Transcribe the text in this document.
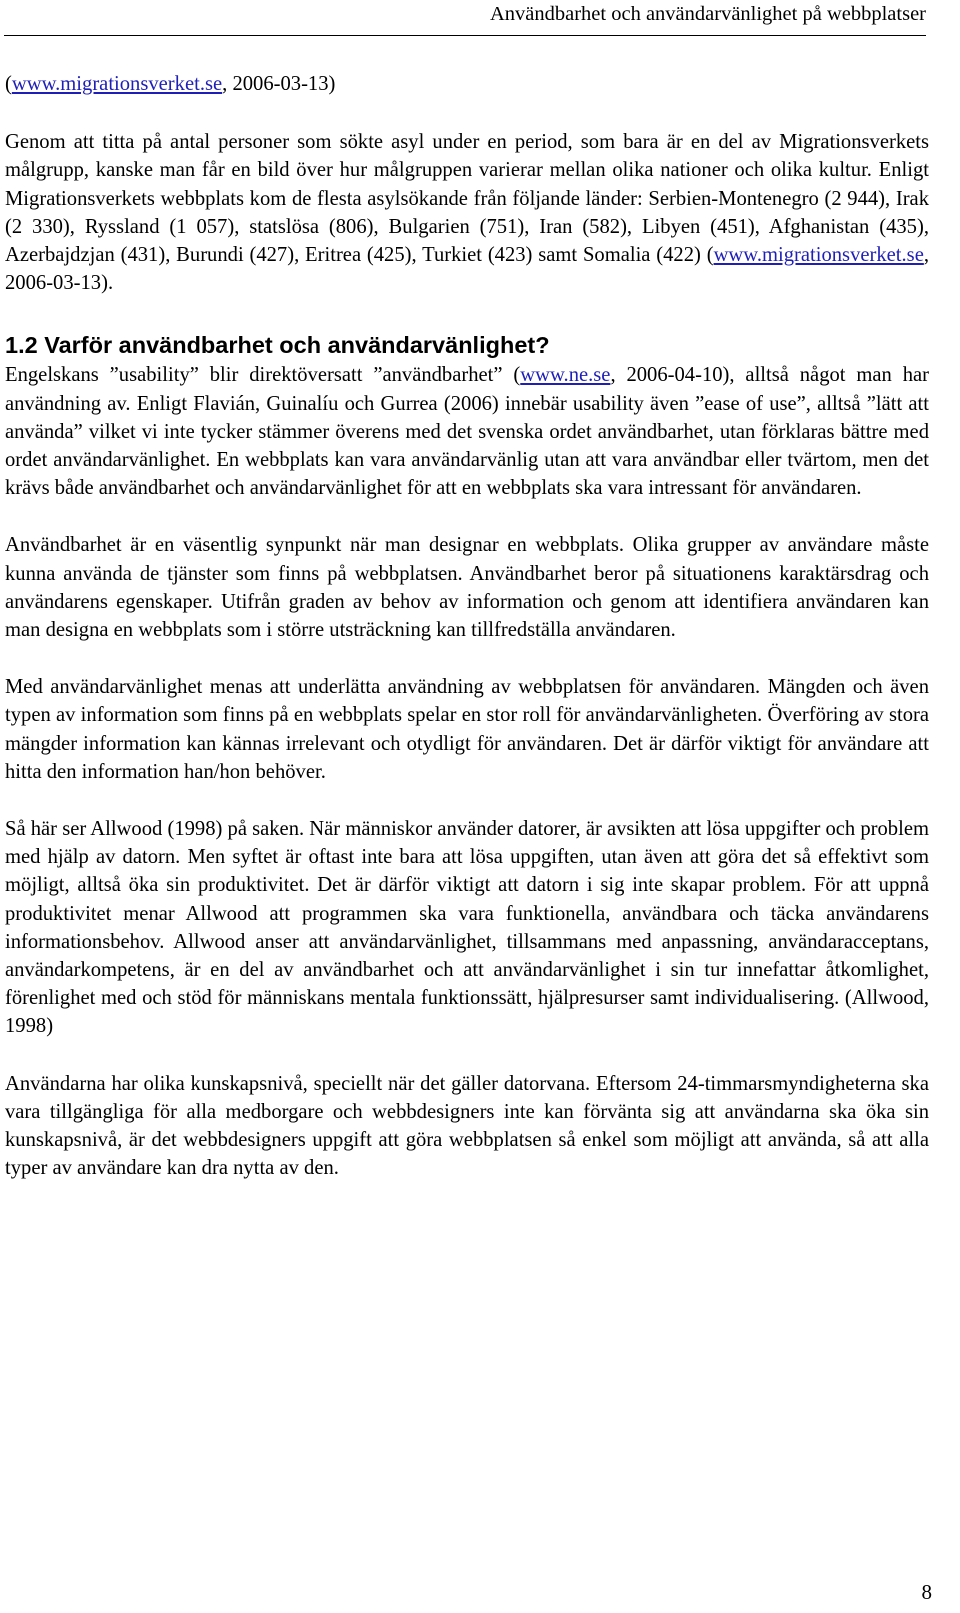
Användbarhet och användarvänlighet på webbplatser

(www.migrationsverket.se, 2006-03-13)

Genom att titta på antal personer som sökte asyl under en period, som bara är en del av Migrationsverkets målgrupp, kanske man får en bild över hur målgruppen varierar mellan olika nationer och olika kultur. Enligt Migrationsverkets webbplats kom de flesta asylsökande från följande länder: Serbien-Montenegro (2 944), Irak (2 330), Ryssland (1 057), statslösa (806), Bulgarien (751), Iran (582), Libyen (451), Afghanistan (435), Azerbajdzjan (431), Burundi (427), Eritrea (425), Turkiet (423) samt Somalia (422) (www.migrationsverket.se, 2006-03-13).

1.2 Varför användbarhet och användarvänlighet?

Engelskans ”usability” blir direktöversatt ”användbarhet” (www.ne.se, 2006-04-10), alltså något man har användning av. Enligt Flavián, Guinalíu och Gurrea (2006) innebär usability även ”ease of use”, alltså ”lätt att använda” vilket vi inte tycker stämmer överens med det svenska ordet användbarhet, utan förklaras bättre med ordet användarvänlighet. En webbplats kan vara användarvänlig utan att vara användbar eller tvärtom, men det krävs både användbarhet och användarvänlighet för att en webbplats ska vara intressant för användaren.

Användbarhet är en väsentlig synpunkt när man designar en webbplats. Olika grupper av användare måste kunna använda de tjänster som finns på webbplatsen. Användbarhet beror på situationens karaktärsdrag och användarens egenskaper. Utifrån graden av behov av information och genom att identifiera användaren kan man designa en webbplats som i större utsträckning kan tillfredställa användaren.

Med användarvänlighet menas att underlätta användning av webbplatsen för användaren. Mängden och även typen av information som finns på en webbplats spelar en stor roll för användarvänligheten. Överföring av stora mängder information kan kännas irrelevant och otydligt för användaren. Det är därför viktigt för användare att hitta den information han/hon behöver.

Så här ser Allwood (1998) på saken. När människor använder datorer, är avsikten att lösa uppgifter och problem med hjälp av datorn. Men syftet är oftast inte bara att lösa uppgiften, utan även att göra det så effektivt som möjligt, alltså öka sin produktivitet. Det är därför viktigt att datorn i sig inte skapar problem. För att uppnå produktivitet menar Allwood att programmen ska vara funktionella, användbara och täcka användarens informationsbehov. Allwood anser att användarvänlighet, tillsammans med anpassning, användaracceptans, användarkompetens, är en del av användbarhet och att användarvänlighet i sin tur innefattar åtkomlighet, förenlighet med och stöd för människans mentala funktionssätt, hjälpresurser samt individualisering. (Allwood, 1998)

Användarna har olika kunskapsnivå, speciellt när det gäller datorvana. Eftersom 24-timmarsmyndigheterna ska vara tillgängliga för alla medborgare och webbdesigners inte kan förvänta sig att användarna ska öka sin kunskapsnivå, är det webbdesigners uppgift att göra webbplatsen så enkel som möjligt att använda, så att alla typer av användare kan dra nytta av den.

8
